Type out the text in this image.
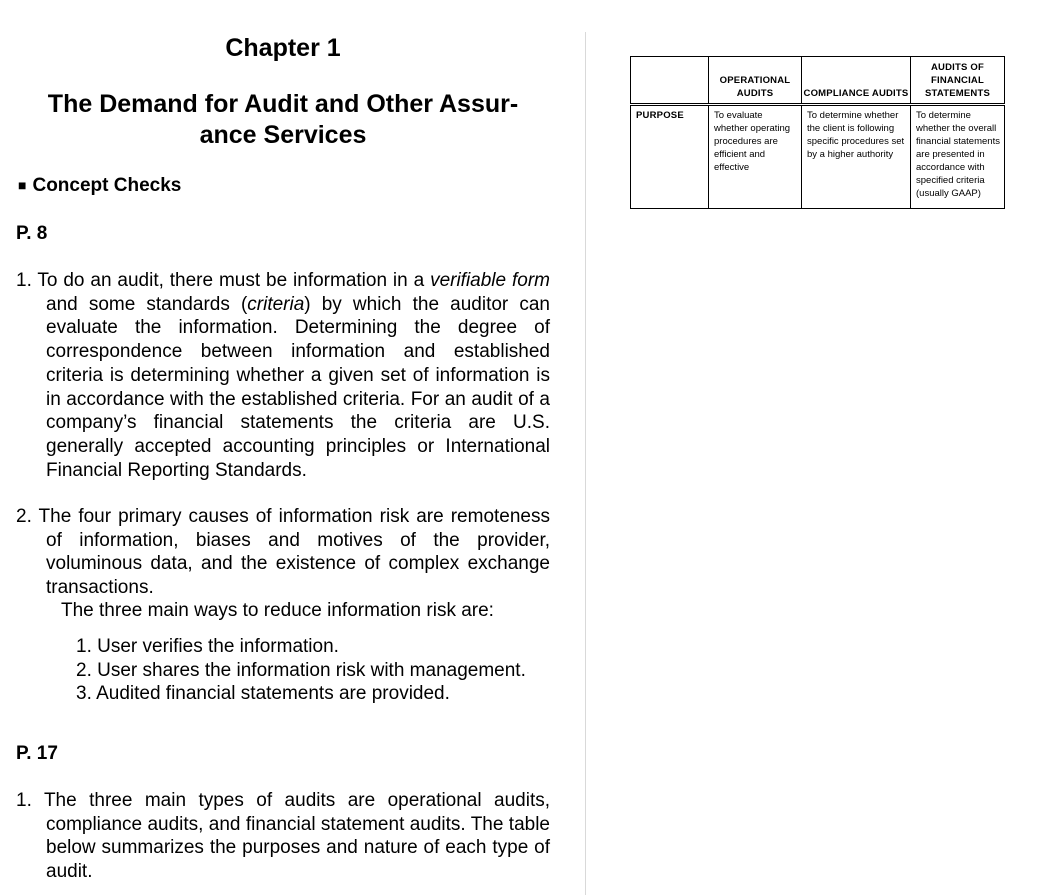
Chapter 1
The Demand for Audit and Other Assur-
ance Services
■ Concept Checks
P. 8
1. To do an audit, there must be information in a verifiable form and some standards (criteria) by which the auditor can evaluate the information. Determining the degree of correspondence between information and established criteria is determining whether a given set of information is in accordance with the established criteria. For an audit of a company’s financial statements the criteria are U.S. generally accepted accounting principles or International Financial Reporting Standards.
2. The four primary causes of information risk are remoteness of information, biases and motives of the provider, voluminous data, and the existence of complex exchange transactions.
The three main ways to reduce information risk are:
1. User verifies the information.
2. User shares the information risk with management.
3. Audited financial statements are provided.
P. 17
1. The three main types of audits are operational audits, compliance audits, and financial statement audits. The table below summarizes the purposes and nature of each type of audit.
	OPERATIONAL AUDITS	COMPLIANCE AUDITS	AUDITS OF FINANCIAL STATEMENTS
PURPOSE	To evaluate whether operating procedures are efficient and effective	To determine whether the client is following specific procedures set by a higher authority	To determine whether the overall financial statements are presented in accordance with specified criteria (usually GAAP)
